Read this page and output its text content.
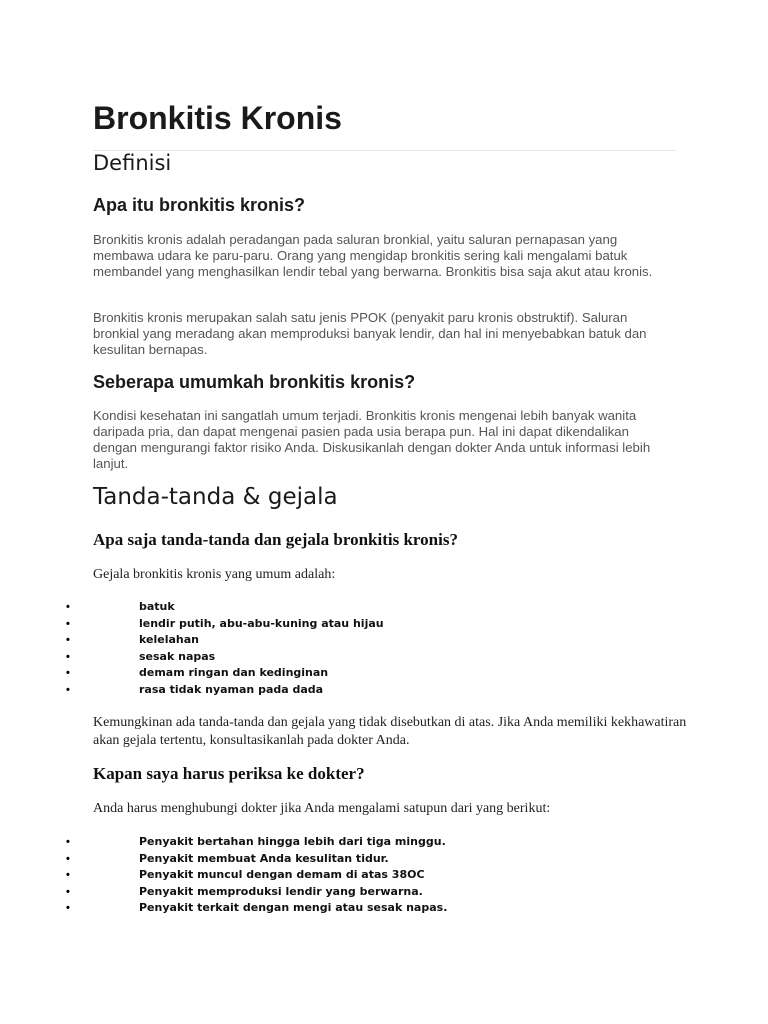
Bronkitis Kronis
Definisi
Apa itu bronkitis kronis?

Bronkitis kronis adalah peradangan pada saluran bronkial, yaitu saluran pernapasan yang membawa udara ke paru-paru. Orang yang mengidap bronkitis sering kali mengalami batuk membandel yang menghasilkan lendir tebal yang berwarna. Bronkitis bisa saja akut atau kronis.

Bronkitis kronis merupakan salah satu jenis PPOK (penyakit paru kronis obstruktif). Saluran bronkial yang meradang akan memproduksi banyak lendir, dan hal ini menyebabkan batuk dan kesulitan bernapas.

Seberapa umumkah bronkitis kronis?

Kondisi kesehatan ini sangatlah umum terjadi. Bronkitis kronis mengenai lebih banyak wanita daripada pria, dan dapat mengenai pasien pada usia berapa pun. Hal ini dapat dikendalikan dengan mengurangi faktor risiko Anda. Diskusikanlah dengan dokter Anda untuk informasi lebih lanjut.

Tanda-tanda & gejala
Apa saja tanda-tanda dan gejala bronkitis kronis?

Gejala bronkitis kronis yang umum adalah:

•	batuk
•	lendir putih, abu-abu-kuning atau hijau
•	kelelahan
•	sesak napas
•	demam ringan dan kedinginan
•	rasa tidak nyaman pada dada

Kemungkinan ada tanda-tanda dan gejala yang tidak disebutkan di atas. Jika Anda memiliki kekhawatiran akan gejala tertentu, konsultasikanlah pada dokter Anda.

Kapan saya harus periksa ke dokter?

Anda harus menghubungi dokter jika Anda mengalami satupun dari yang berikut:

•	Penyakit bertahan hingga lebih dari tiga minggu.
•	Penyakit membuat Anda kesulitan tidur.
•	Penyakit muncul dengan demam di atas 38OC
•	Penyakit memproduksi lendir yang berwarna.
•	Penyakit terkait dengan mengi atau sesak napas.
